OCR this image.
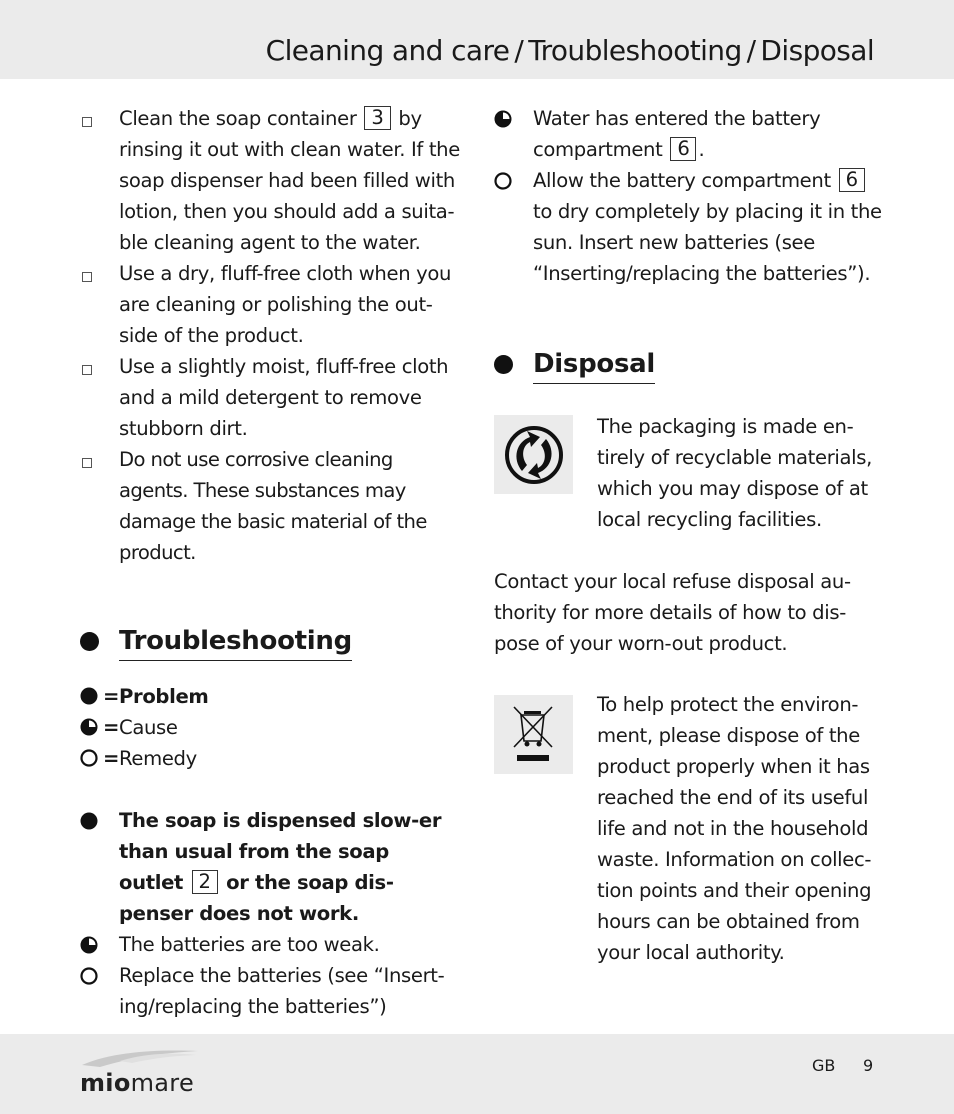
Cleaning and care / Troubleshooting / Disposal
Clean the soap container 3 by rinsing it out with clean water. If the soap dispenser had been filled with lotion, then you should add a suita-ble cleaning agent to the water.
Use a dry, fluff-free cloth when you are cleaning or polishing the out-side of the product.
Use a slightly moist, fluff-free cloth and a mild detergent to remove stubborn dirt.
Do not use corrosive cleaning agents. These substances may damage the basic material of the product.
Troubleshooting
= Problem
= Cause
= Remedy
The soap is dispensed slow-er than usual from the soap outlet 2 or the soap dis-penser does not work.
The batteries are too weak.
Replace the batteries (see “Insert-ing/replacing the batteries”)
Water has entered the battery compartment 6 .
Allow the battery compartment 6 to dry completely by placing it in the sun. Insert new batteries (see “Inserting/replacing the batteries”).
Disposal
The packaging is made en-tirely of recyclable materials, which you may dispose of at local recycling facilities.
Contact your local refuse disposal au-thority for more details of how to dis-pose of your worn-out product.
To help protect the environ-ment, please dispose of the product properly when it has reached the end of its useful life and not in the household waste. Information on collec-tion points and their opening hours can be obtained from your local authority.
miomare
GB 9
